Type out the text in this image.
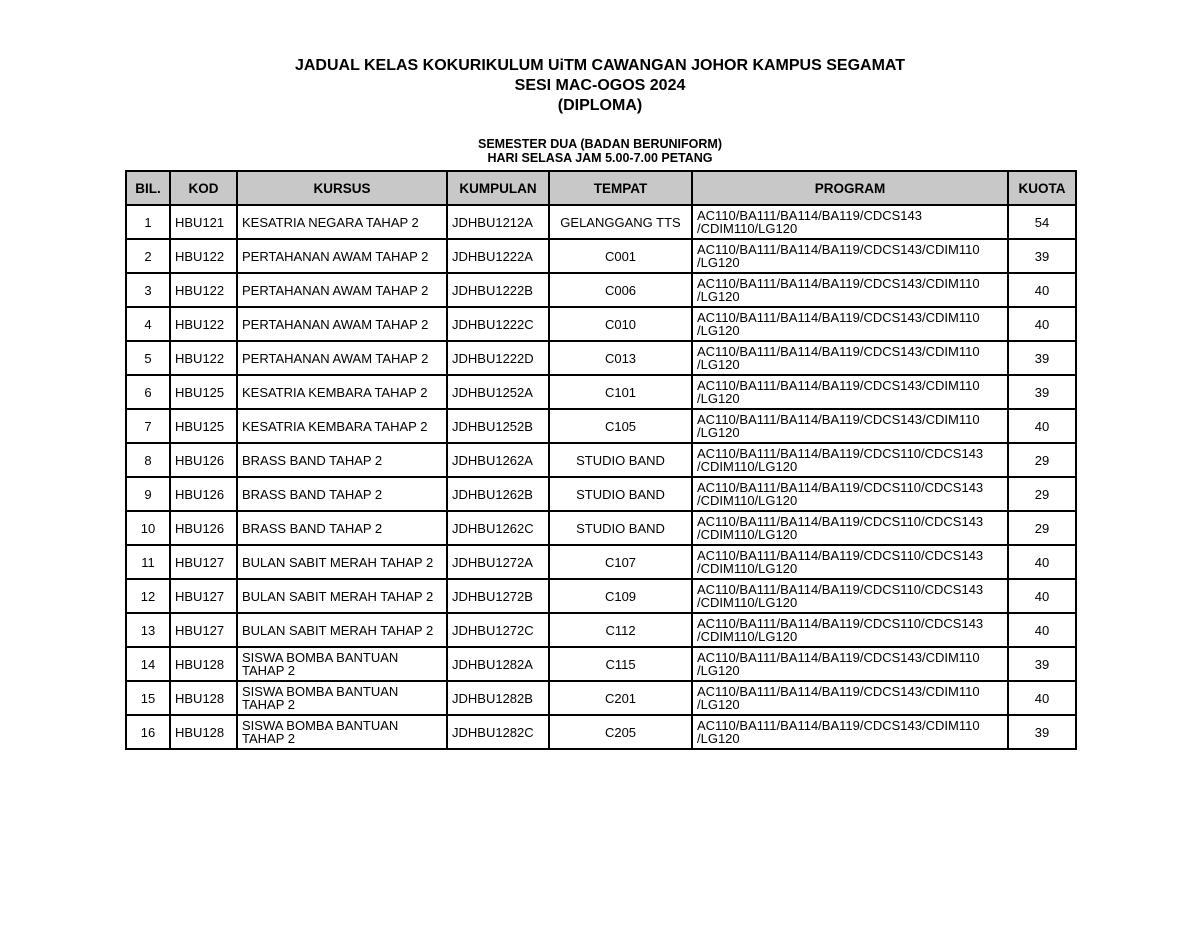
JADUAL KELAS KOKURIKULUM UiTM CAWANGAN JOHOR KAMPUS SEGAMAT
SESI MAC-OGOS 2024
(DIPLOMA)
SEMESTER DUA (BADAN BERUNIFORM)
HARI SELASA JAM 5.00-7.00 PETANG
BIL.	KOD	KURSUS	KUMPULAN	TEMPAT	PROGRAM	KUOTA
1	HBU121	KESATRIA NEGARA TAHAP 2	JDHBU1212A	GELANGGANG TTS	AC110/BA111/BA114/BA119/CDCS143 /CDIM110/LG120	54
2	HBU122	PERTAHANAN AWAM TAHAP 2	JDHBU1222A	C001	AC110/BA111/BA114/BA119/CDCS143/CDIM110 /LG120	39
3	HBU122	PERTAHANAN AWAM TAHAP 2	JDHBU1222B	C006	AC110/BA111/BA114/BA119/CDCS143/CDIM110 /LG120	40
4	HBU122	PERTAHANAN AWAM TAHAP 2	JDHBU1222C	C010	AC110/BA111/BA114/BA119/CDCS143/CDIM110 /LG120	40
5	HBU122	PERTAHANAN AWAM TAHAP 2	JDHBU1222D	C013	AC110/BA111/BA114/BA119/CDCS143/CDIM110 /LG120	39
6	HBU125	KESATRIA KEMBARA TAHAP 2	JDHBU1252A	C101	AC110/BA111/BA114/BA119/CDCS143/CDIM110 /LG120	39
7	HBU125	KESATRIA KEMBARA TAHAP 2	JDHBU1252B	C105	AC110/BA111/BA114/BA119/CDCS143/CDIM110 /LG120	40
8	HBU126	BRASS BAND TAHAP 2	JDHBU1262A	STUDIO BAND	AC110/BA111/BA114/BA119/CDCS110/CDCS143 /CDIM110/LG120	29
9	HBU126	BRASS BAND TAHAP 2	JDHBU1262B	STUDIO BAND	AC110/BA111/BA114/BA119/CDCS110/CDCS143 /CDIM110/LG120	29
10	HBU126	BRASS BAND TAHAP 2	JDHBU1262C	STUDIO BAND	AC110/BA111/BA114/BA119/CDCS110/CDCS143 /CDIM110/LG120	29
11	HBU127	BULAN SABIT MERAH TAHAP 2	JDHBU1272A	C107	AC110/BA111/BA114/BA119/CDCS110/CDCS143 /CDIM110/LG120	40
12	HBU127	BULAN SABIT MERAH TAHAP 2	JDHBU1272B	C109	AC110/BA111/BA114/BA119/CDCS110/CDCS143 /CDIM110/LG120	40
13	HBU127	BULAN SABIT MERAH TAHAP 2	JDHBU1272C	C112	AC110/BA111/BA114/BA119/CDCS110/CDCS143 /CDIM110/LG120	40
14	HBU128	SISWA BOMBA BANTUAN TAHAP 2	JDHBU1282A	C115	AC110/BA111/BA114/BA119/CDCS143/CDIM110 /LG120	39
15	HBU128	SISWA BOMBA BANTUAN TAHAP 2	JDHBU1282B	C201	AC110/BA111/BA114/BA119/CDCS143/CDIM110 /LG120	40
16	HBU128	SISWA BOMBA BANTUAN TAHAP 2	JDHBU1282C	C205	AC110/BA111/BA114/BA119/CDCS143/CDIM110 /LG120	39
